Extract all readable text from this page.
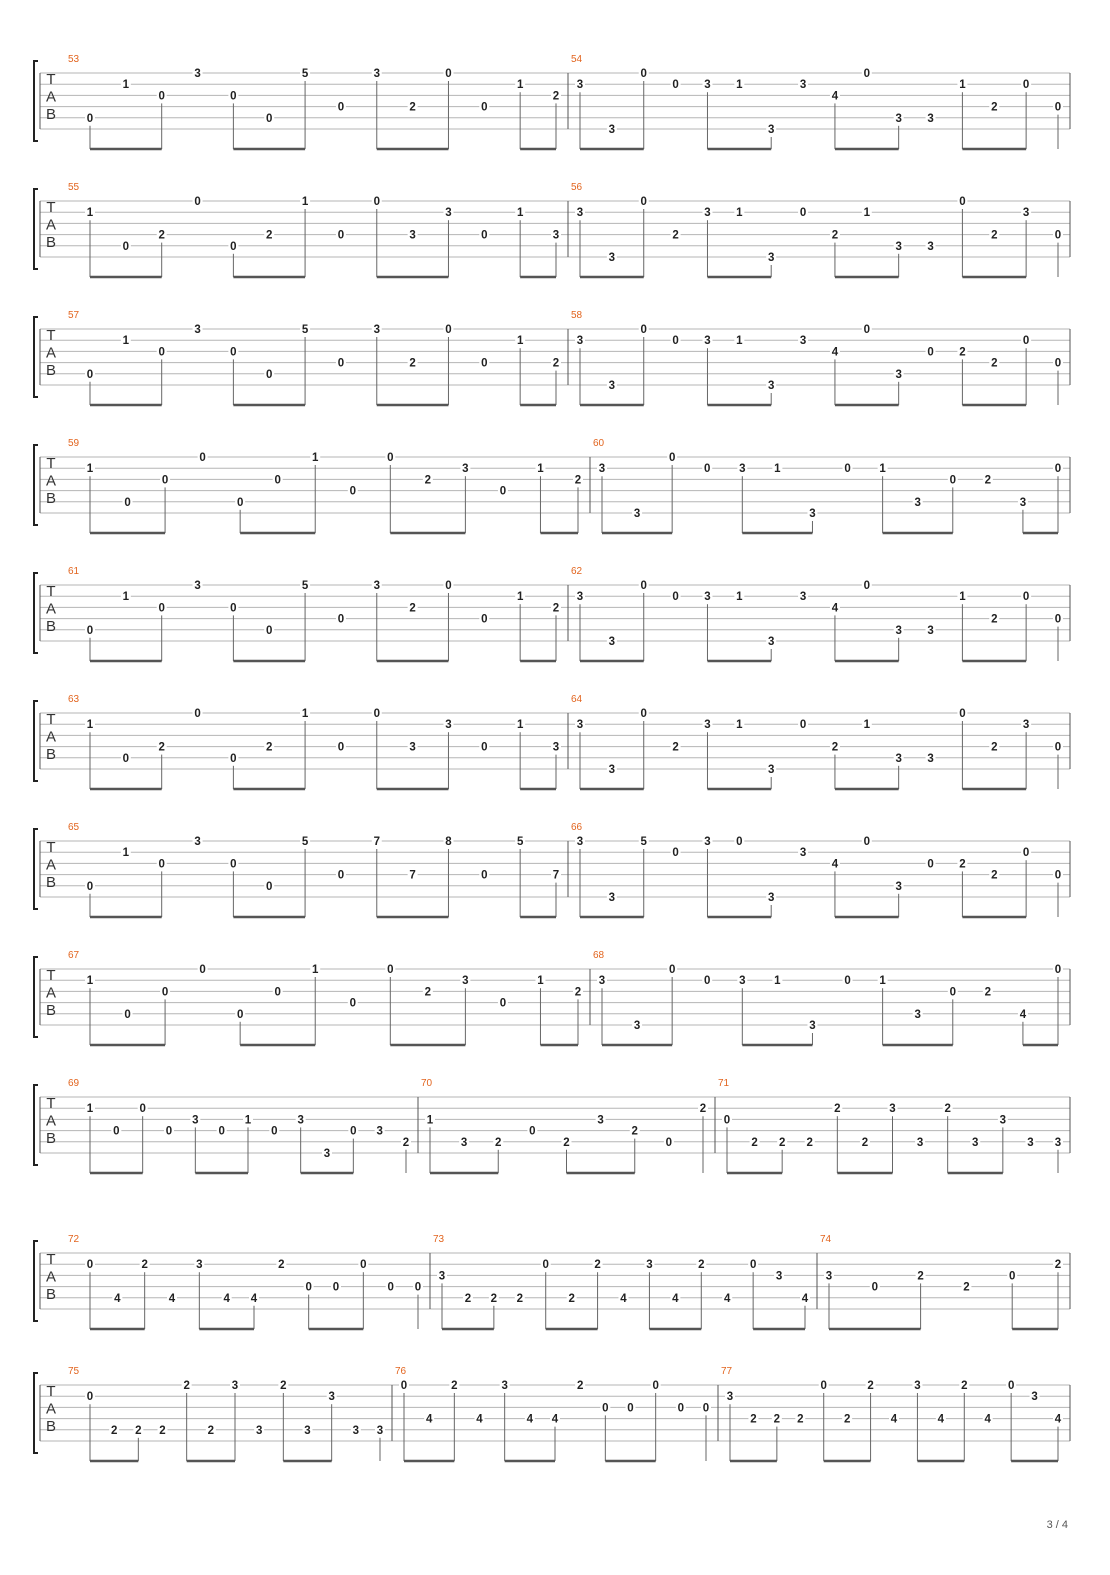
T
A
B
53
0
1
0
3
0
0
5
0
3
2
0
0
1
2
54
3
3
0
0 3 1
3
3
4
0
3 3
1
2
0
0
T
A
B
55
1
0
2
0
0
2
1
0
0
3
3
0
1
3
56
3
3
0
2
3 1
3
0
2
1
3 3
0
2
3
0
T
A
B
57
0
1
0
3
0
0
5
0
3
2
0
0
1
2
58
3
3
0
0 3 1
3
3
4
0
3
0 2
2
0
0
T
A
B
59
1
0
0
0
0
0
1
0
0
2
3
0
1
2
60
3
3
0
0 3 1
3
0 1
3
0 2
3
0
T
A
B
61
0
1
0
3
0
0
5
0
3
2
0
0
1
2
62
3
3
0
0 3 1
3
3
4
0
3 3
1
2
0
0
T
A
B
63
1
0
2
0
0
2
1
0
0
3
3
0
1
3
64
3
3
0
2
3 1
3
0
2
1
3 3
0
2
3
0
T
A
B
65
0
1
0
3
0
0
5
0
7
7
8
0
5
7
66
3
3
5
0
3 0
3
3
4
0
3
0 2
2
0
0
T
A
B
67
1
0
0
0
0
0
1
0
0
2
3
0
1
2
68
3
3
0
0 3 1
3
0 1
3
0 2
4
0
T
A
B
69
1
0
0
0
3
0
1
0
3
3
0 3
2
70
1
3 2
0
2
3
2
0
2
71
0
2 2 2
2
2
3
3
2
3
3
3 3
T
A
B
72
0
4
2
4
3
4 4
2
0 0
0
0 0
73
3
2 2 2
0
2
2
4
3
4
2
4
0
3
4
74
3
0
2
2
0
2
T
A
B
75
0
2 2 2
2
2
3
3
2
3
3
3 3
76
0
4
2
4
3
4 4
2
0 0
0
0 0
77
3
2 2 2
0
2
2
4
3
4
2
4
0
3
4
3 / 4
